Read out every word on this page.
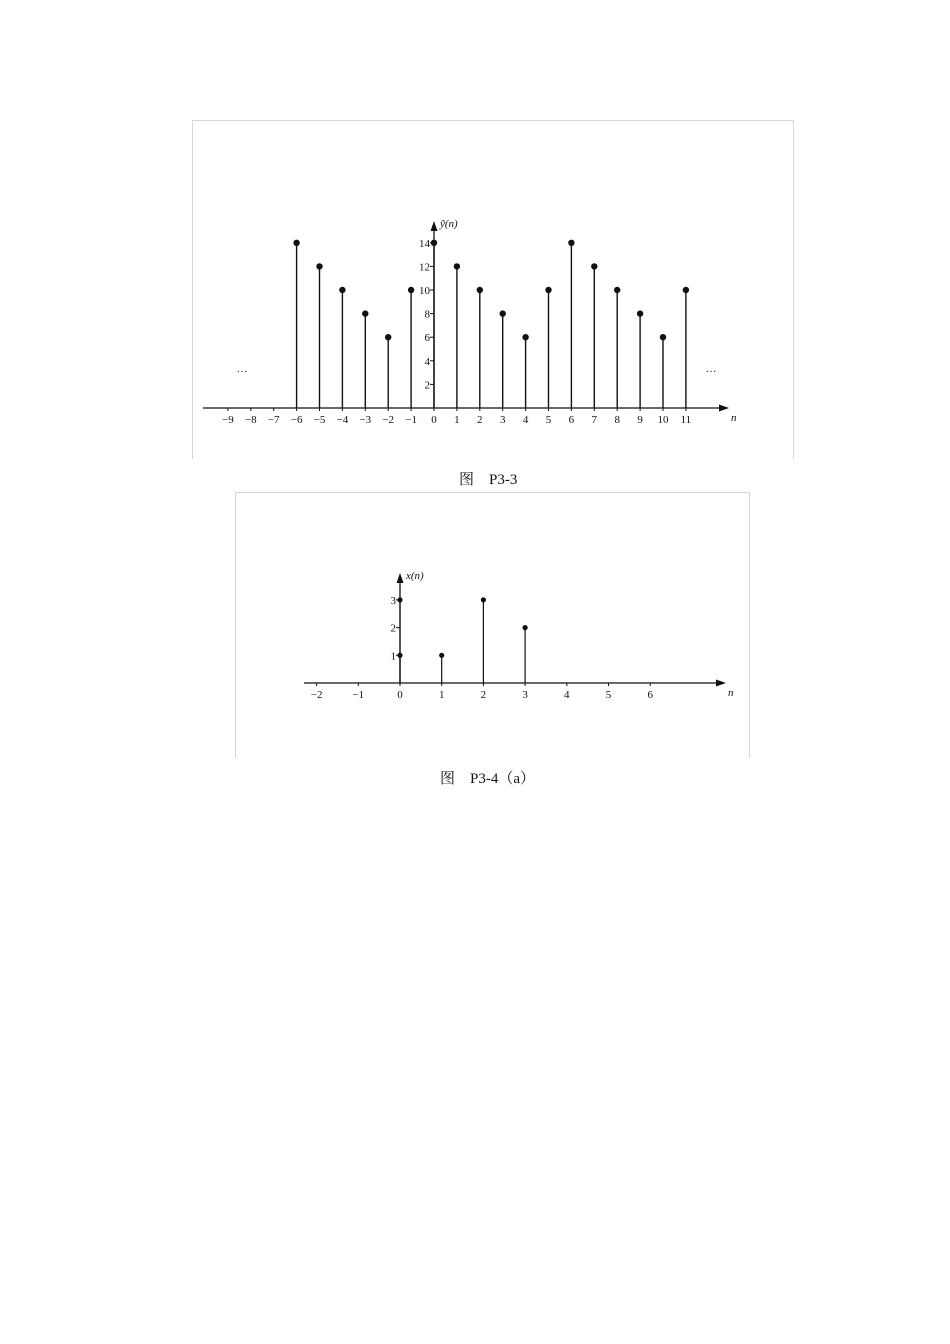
n
ỹ(n)
−9 −8 −7 −6 −5 −4 −3 −2 −1 0 1 2 3 4 5 6 7 8 9 10 11
2
4
6
8
10
12
14
···	···
图    P3-3
n
x(n)
−2	−1	0	1	2	3	4	5	6
1
2
3
图    P3-4（a）
